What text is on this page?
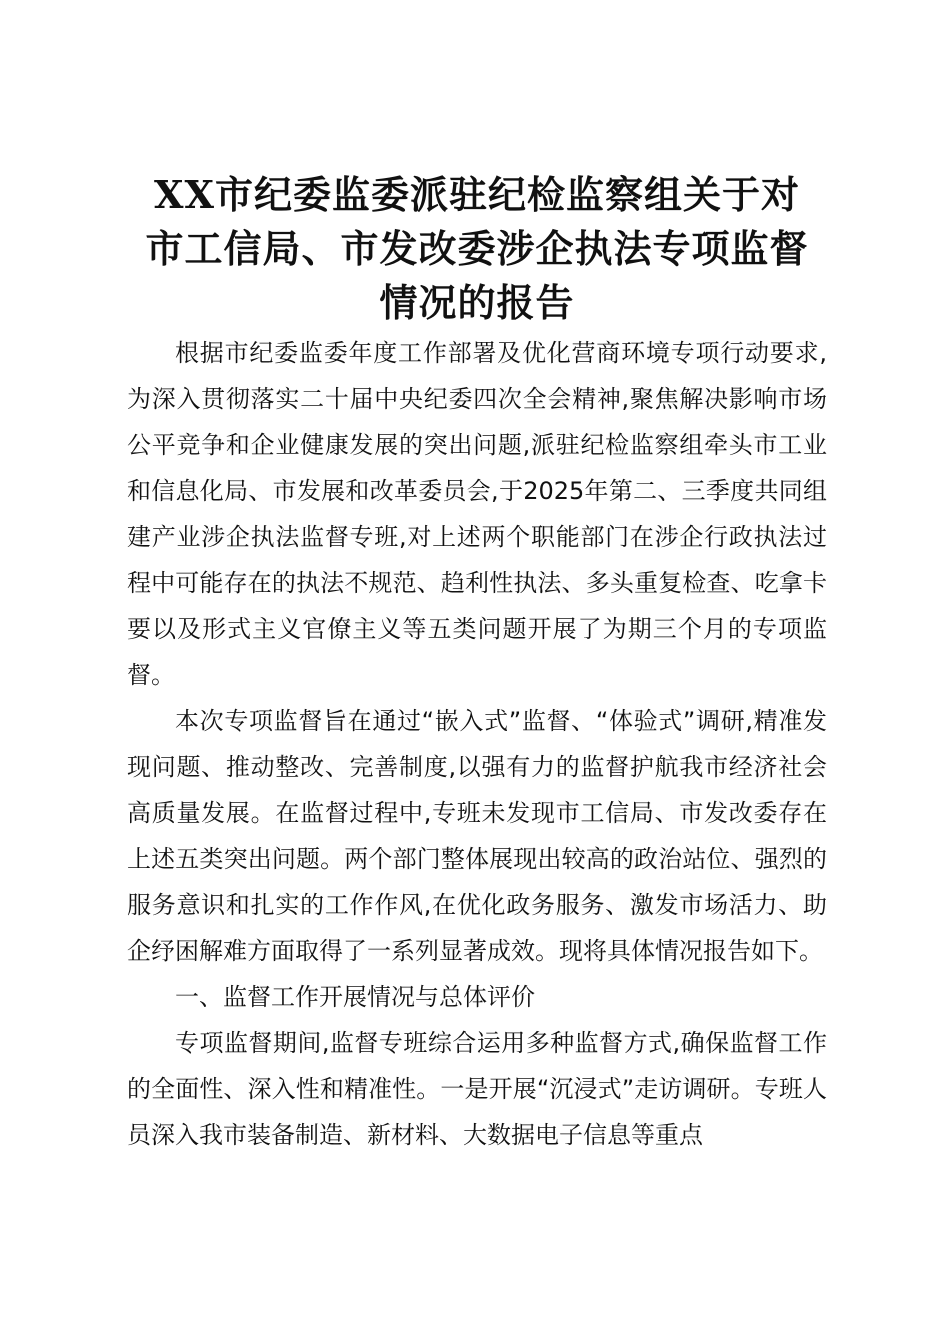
XX市纪委监委派驻纪检监察组关于对
市工信局、市发改委涉企执法专项监督
情况的报告

根据市纪委监委年度工作部署及优化营商环境专项行动要求,为深入贯彻落实二十届中央纪委四次全会精神,聚焦解决影响市场公平竞争和企业健康发展的突出问题,派驻纪检监察组牵头市工业和信息化局、市发展和改革委员会,于2025年第二、三季度共同组建产业涉企执法监督专班,对上述两个职能部门在涉企行政执法过程中可能存在的执法不规范、趋利性执法、多头重复检查、吃拿卡要以及形式主义官僚主义等五类问题开展了为期三个月的专项监督。

本次专项监督旨在通过“嵌入式”监督、“体验式”调研,精准发现问题、推动整改、完善制度,以强有力的监督护航我市经济社会高质量发展。在监督过程中,专班未发现市工信局、市发改委存在上述五类突出问题。两个部门整体展现出较高的政治站位、强烈的服务意识和扎实的工作作风,在优化政务服务、激发市场活力、助企纾困解难方面取得了一系列显著成效。现将具体情况报告如下。

一、监督工作开展情况与总体评价

专项监督期间,监督专班综合运用多种监督方式,确保监督工作的全面性、深入性和精准性。一是开展“沉浸式”走访调研。专班人员深入我市装备制造、新材料、大数据电子信息等重点
